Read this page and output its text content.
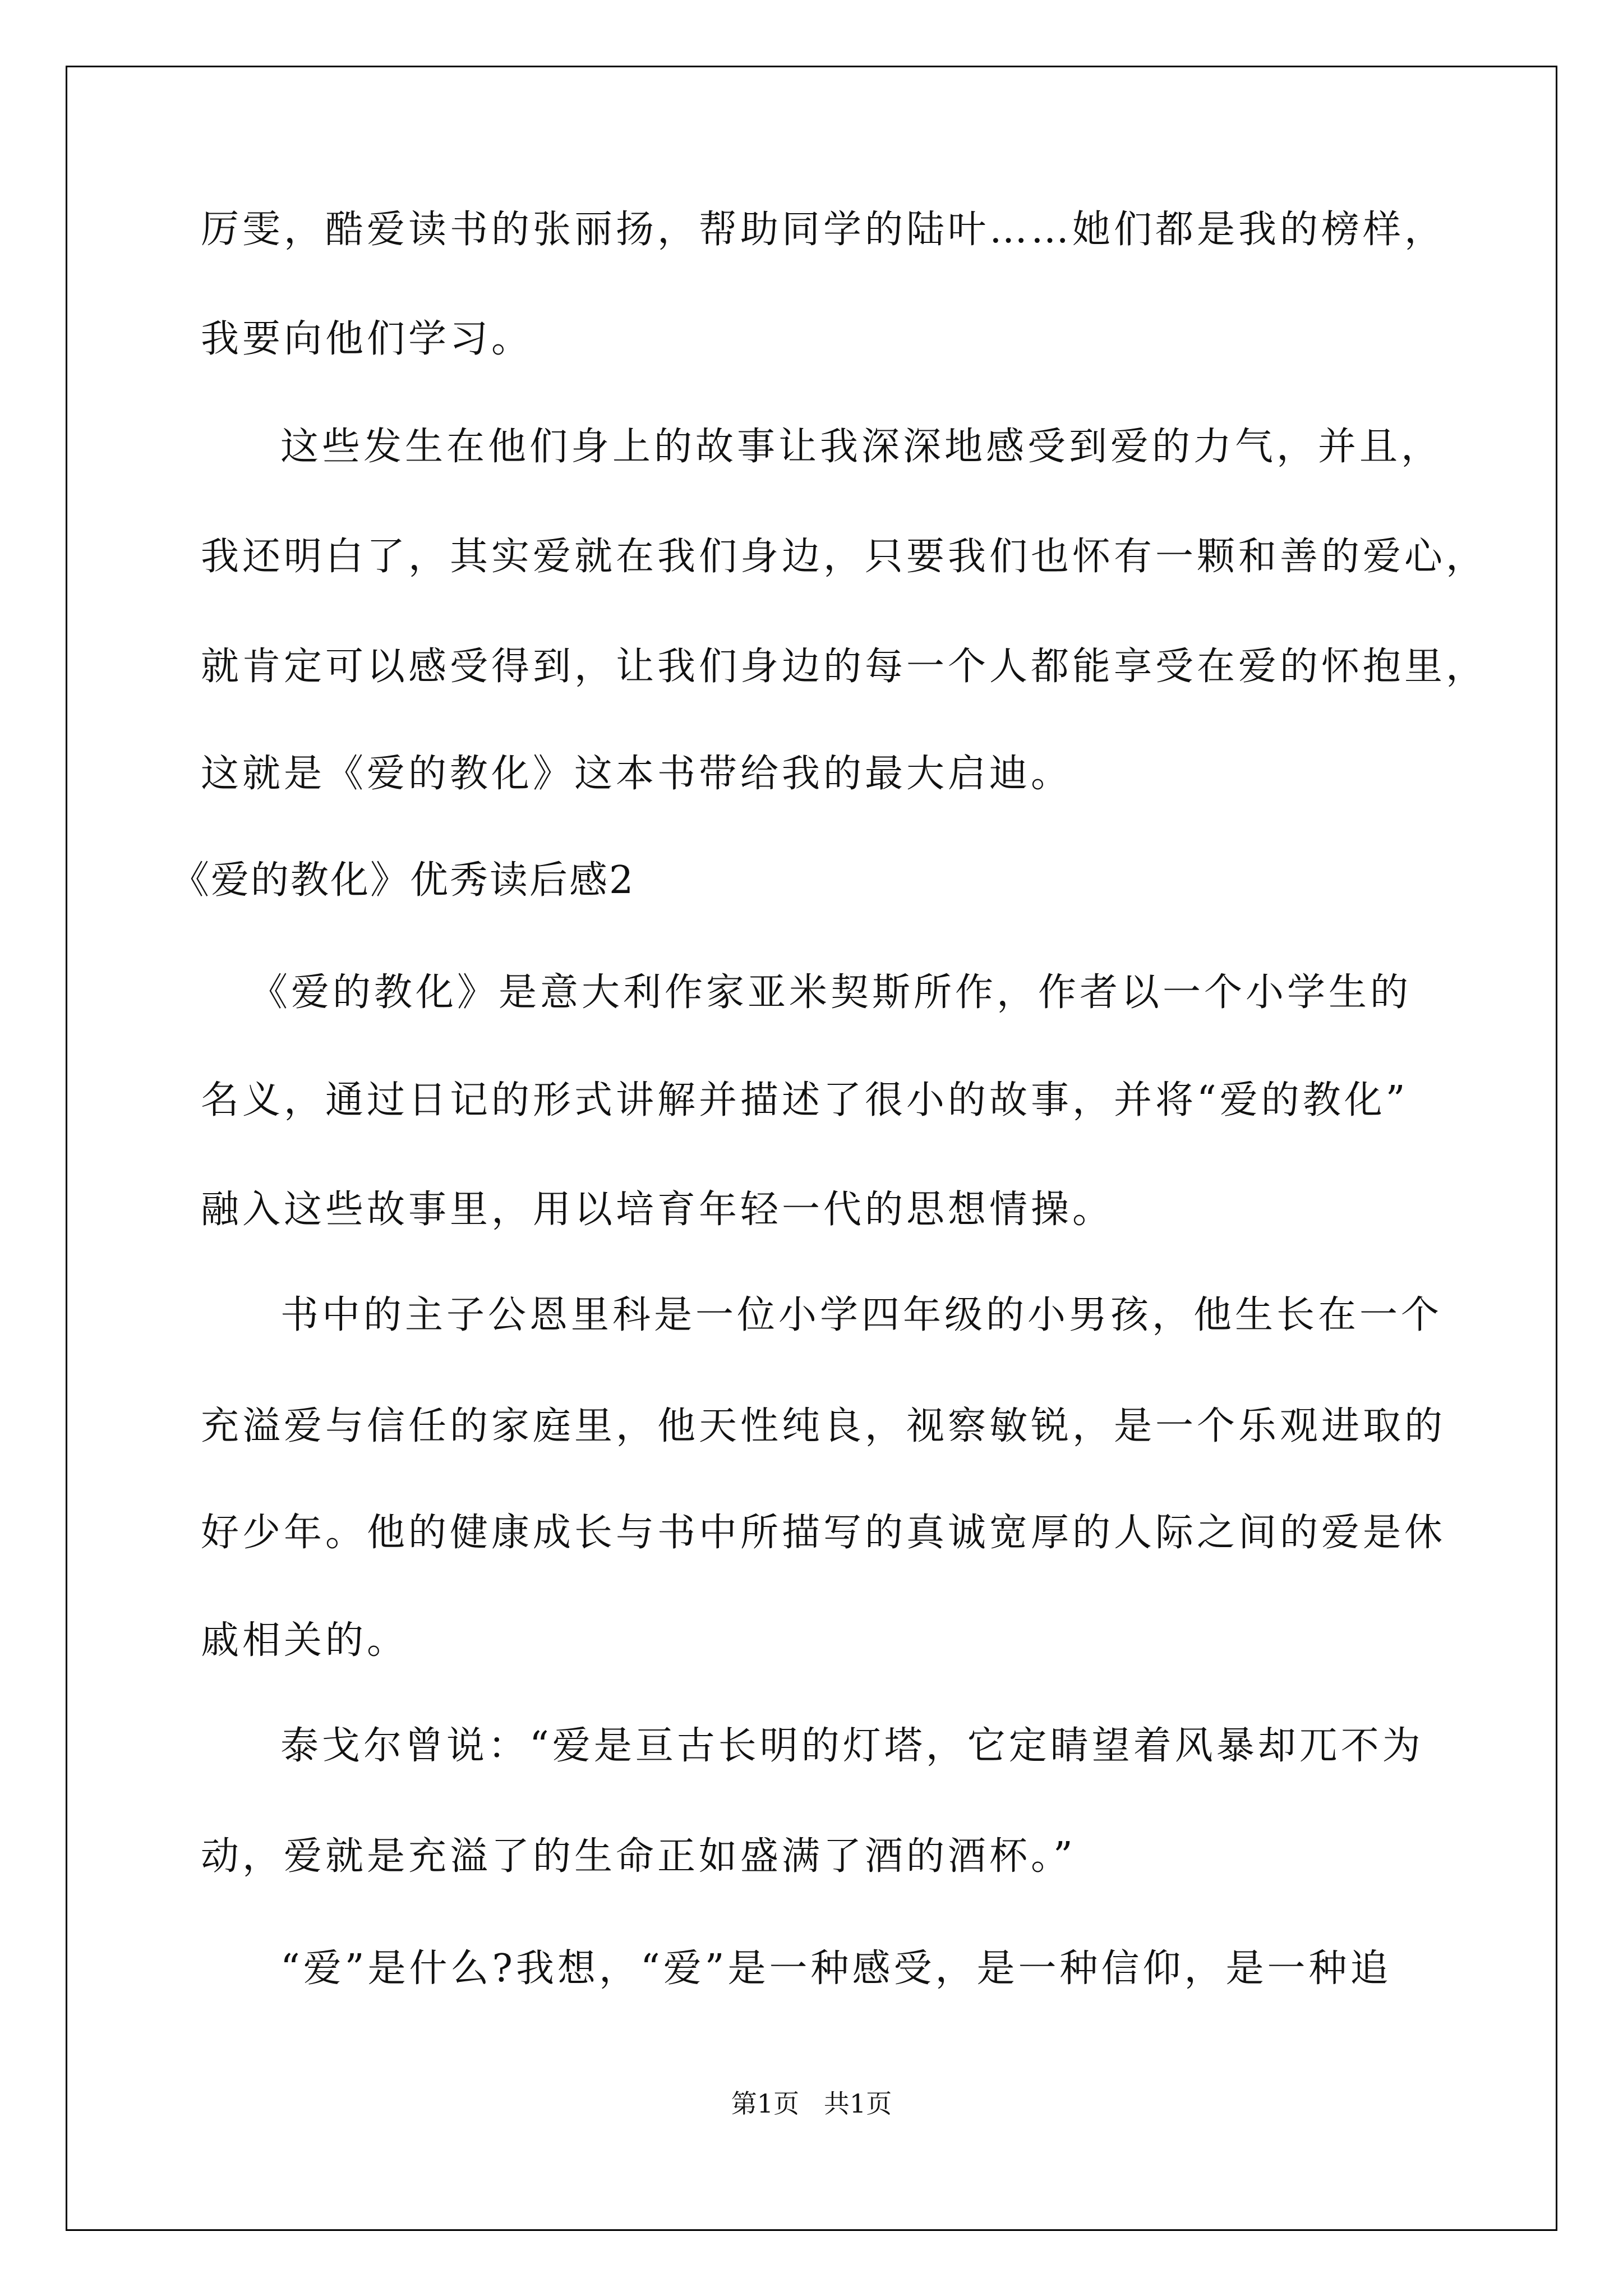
厉雯，酷爱读书的张丽扬，帮助同学的陆叶……她们都是我的榜样，
我要向他们学习。
这些发生在他们身上的故事让我深深地感受到爱的力气，并且，
我还明白了，其实爱就在我们身边，只要我们也怀有一颗和善的爱心，
就肯定可以感受得到，让我们身边的每一个人都能享受在爱的怀抱里，
这就是《爱的教化》这本书带给我的最大启迪。
《爱的教化》优秀读后感2
《爱的教化》是意大利作家亚米契斯所作，作者以一个小学生的
名义，通过日记的形式讲解并描述了很小的故事，并将“爱的教化”
融入这些故事里，用以培育年轻一代的思想情操。
书中的主子公恩里科是一位小学四年级的小男孩，他生长在一个
充溢爱与信任的家庭里，他天性纯良，视察敏锐，是一个乐观进取的
好少年。他的健康成长与书中所描写的真诚宽厚的人际之间的爱是休
戚相关的。
泰戈尔曾说：“爱是亘古长明的灯塔，它定睛望着风暴却兀不为
动，爱就是充溢了的生命正如盛满了酒的酒杯。”
“爱”是什么?我想，“爱”是一种感受，是一种信仰，是一种追
第1页   共1页
